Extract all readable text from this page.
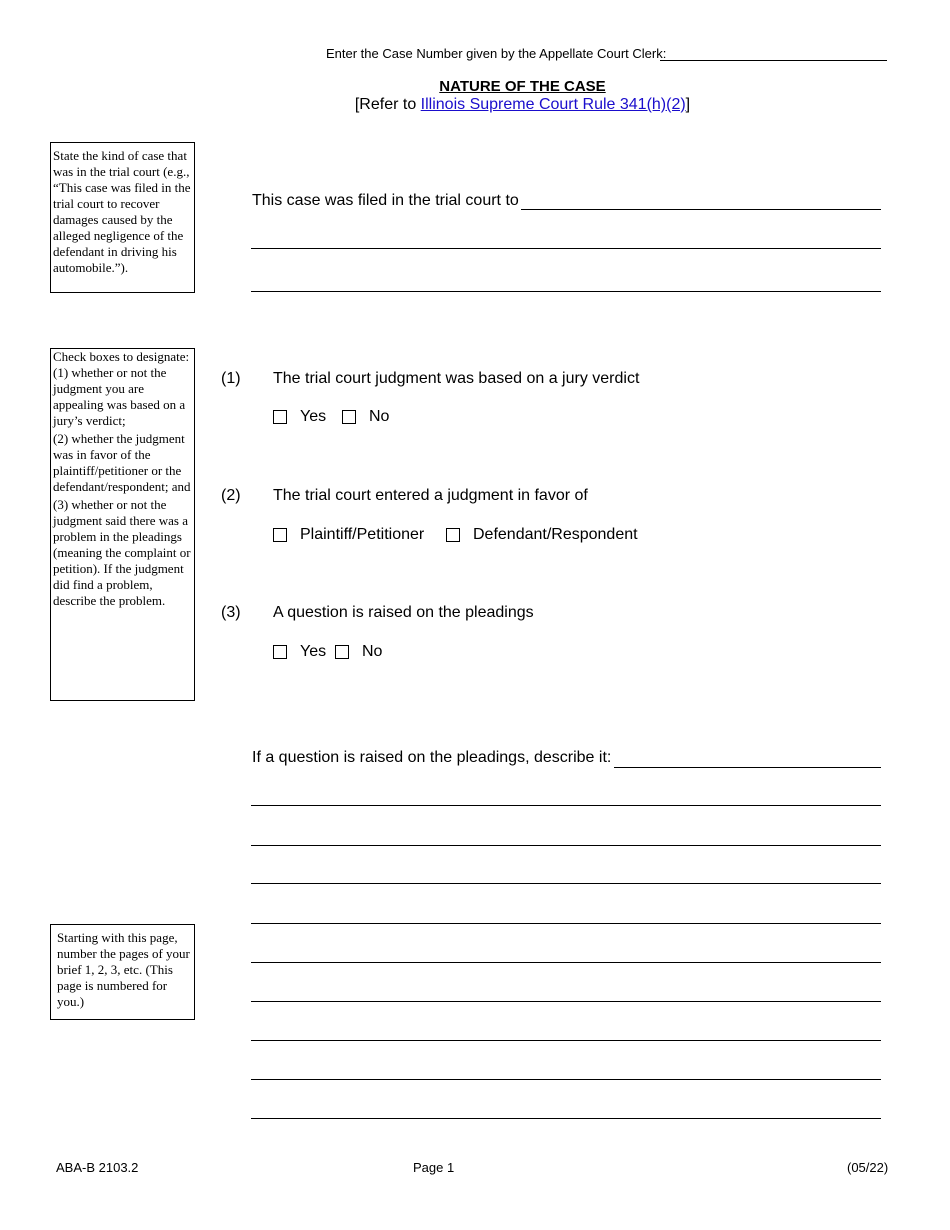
Enter the Case Number given by the Appellate Court Clerk:
NATURE OF THE CASE
[Refer to Illinois Supreme Court Rule 341(h)(2)]

State the kind of case that was in the trial court (e.g., “This case was filed in the trial court to recover damages caused by the alleged negligence of the defendant in driving his automobile.”).

This case was filed in the trial court to

Check boxes to designate:

(1) whether or not the judgment you are appealing was based on a jury’s verdict;

(2) whether the judgment was in favor of the plaintiff/petitioner or the defendant/respondent; and

(3) whether or not the judgment said there was a problem in the pleadings (meaning the complaint or petition). If the judgment did find a problem, describe the problem.

(1) The trial court judgment was based on a jury verdict
Yes	No
(2) The trial court entered a judgment in favor of
Plaintiff/Petitioner	Defendant/Respondent
(3) A question is raised on the pleadings
Yes No
If a question is raised on the pleadings, describe it:

Starting with this page, number the pages of your brief 1, 2, 3, etc. (This page is numbered for you.)

ABA-B 2103.2	Page 1	(05/22)
